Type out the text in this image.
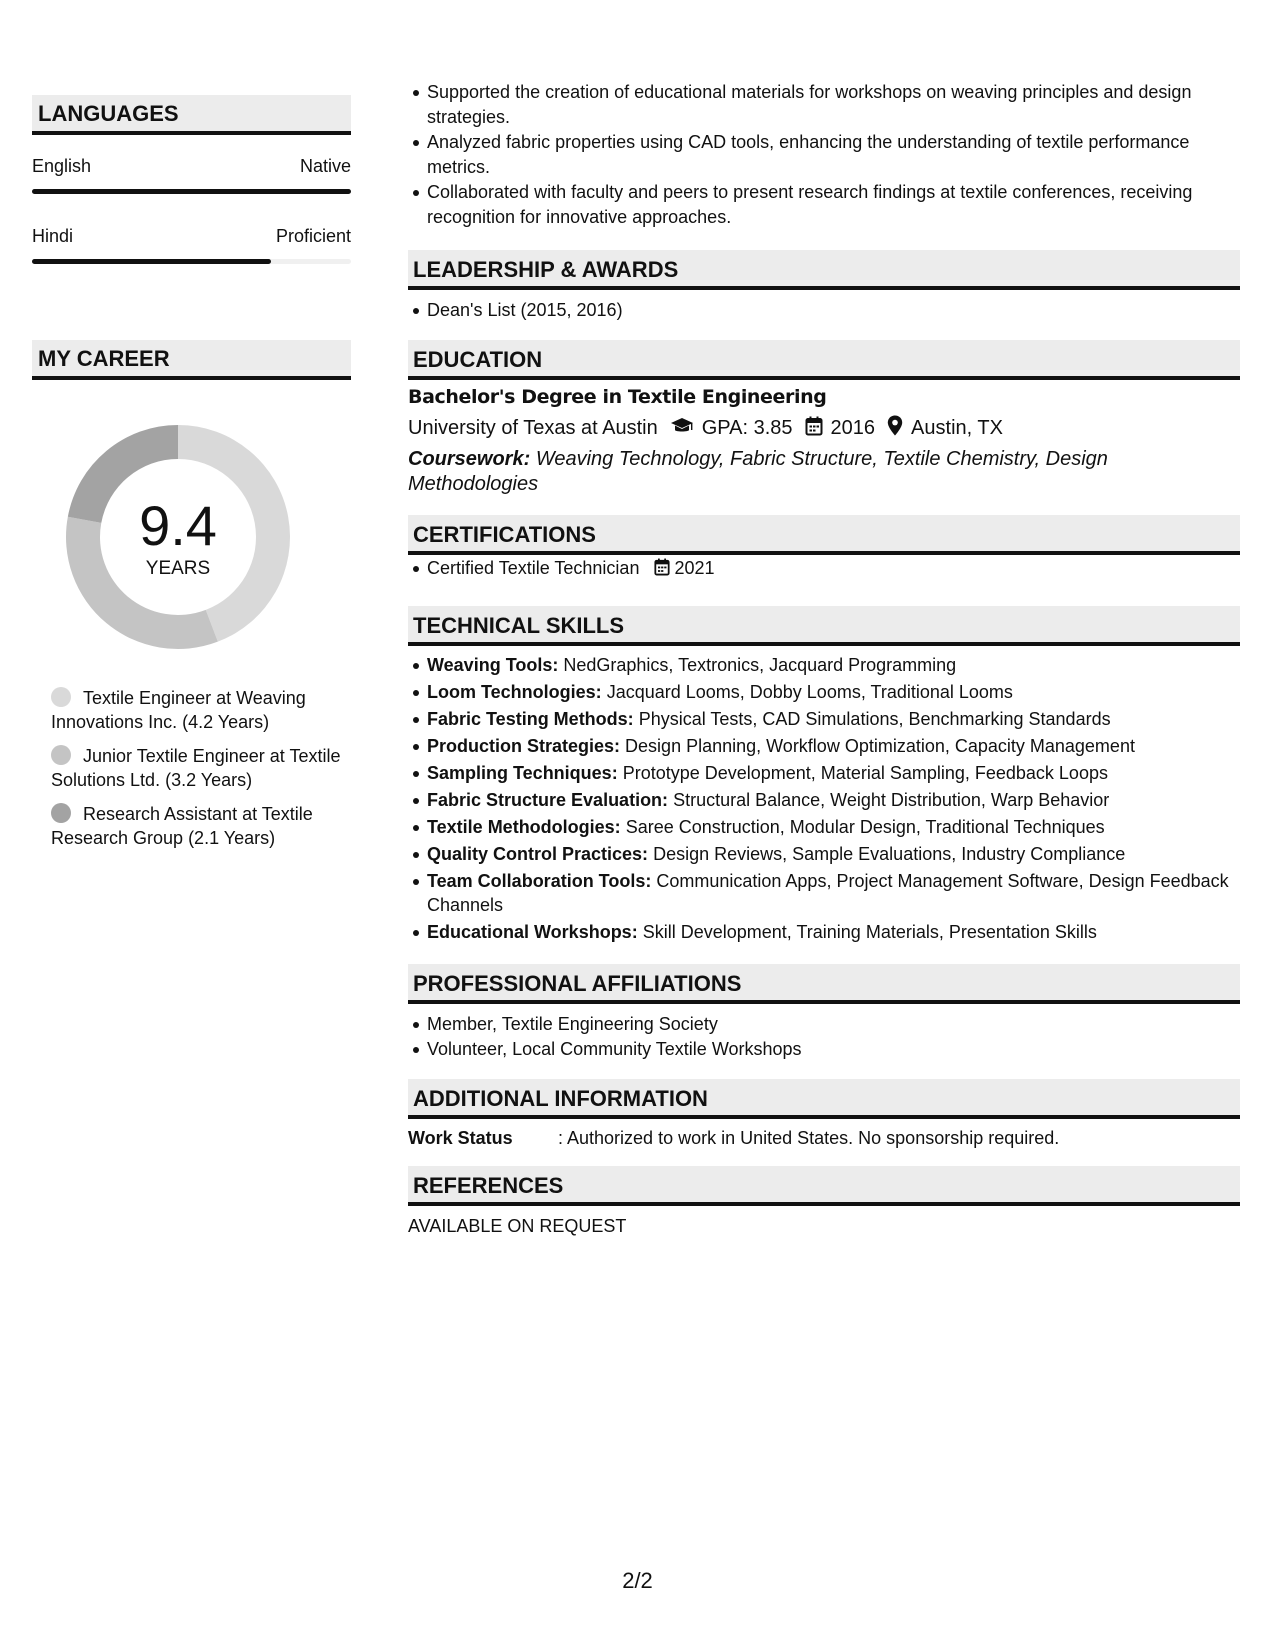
LANGUAGES
English	Native
Hindi	Proficient
MY CAREER
9.4
YEARS
Textile Engineer at Weaving Innovations Inc. (4.2 Years)
Junior Textile Engineer at Textile Solutions Ltd. (3.2 Years)
Research Assistant at Textile Research Group (2.1 Years)
Supported the creation of educational materials for workshops on weaving principles and design strategies.
Analyzed fabric properties using CAD tools, enhancing the understanding of textile performance metrics.
Collaborated with faculty and peers to present research findings at textile conferences, receiving recognition for innovative approaches.
LEADERSHIP & AWARDS
Dean's List (2015, 2016)
EDUCATION
Bachelor's Degree in Textile Engineering
University of Texas at Austin GPA: 3.85 2016 Austin, TX
Coursework: Weaving Technology, Fabric Structure, Textile Chemistry, Design Methodologies
CERTIFICATIONS
Certified Textile Technician 2021
TECHNICAL SKILLS
Weaving Tools: NedGraphics, Textronics, Jacquard Programming
Loom Technologies: Jacquard Looms, Dobby Looms, Traditional Looms
Fabric Testing Methods: Physical Tests, CAD Simulations, Benchmarking Standards
Production Strategies: Design Planning, Workflow Optimization, Capacity Management
Sampling Techniques: Prototype Development, Material Sampling, Feedback Loops
Fabric Structure Evaluation: Structural Balance, Weight Distribution, Warp Behavior
Textile Methodologies: Saree Construction, Modular Design, Traditional Techniques
Quality Control Practices: Design Reviews, Sample Evaluations, Industry Compliance
Team Collaboration Tools: Communication Apps, Project Management Software, Design Feedback Channels
Educational Workshops: Skill Development, Training Materials, Presentation Skills
PROFESSIONAL AFFILIATIONS
Member, Textile Engineering Society
Volunteer, Local Community Textile Workshops
ADDITIONAL INFORMATION
Work Status	: Authorized to work in United States. No sponsorship required.
REFERENCES
AVAILABLE ON REQUEST
2/2
